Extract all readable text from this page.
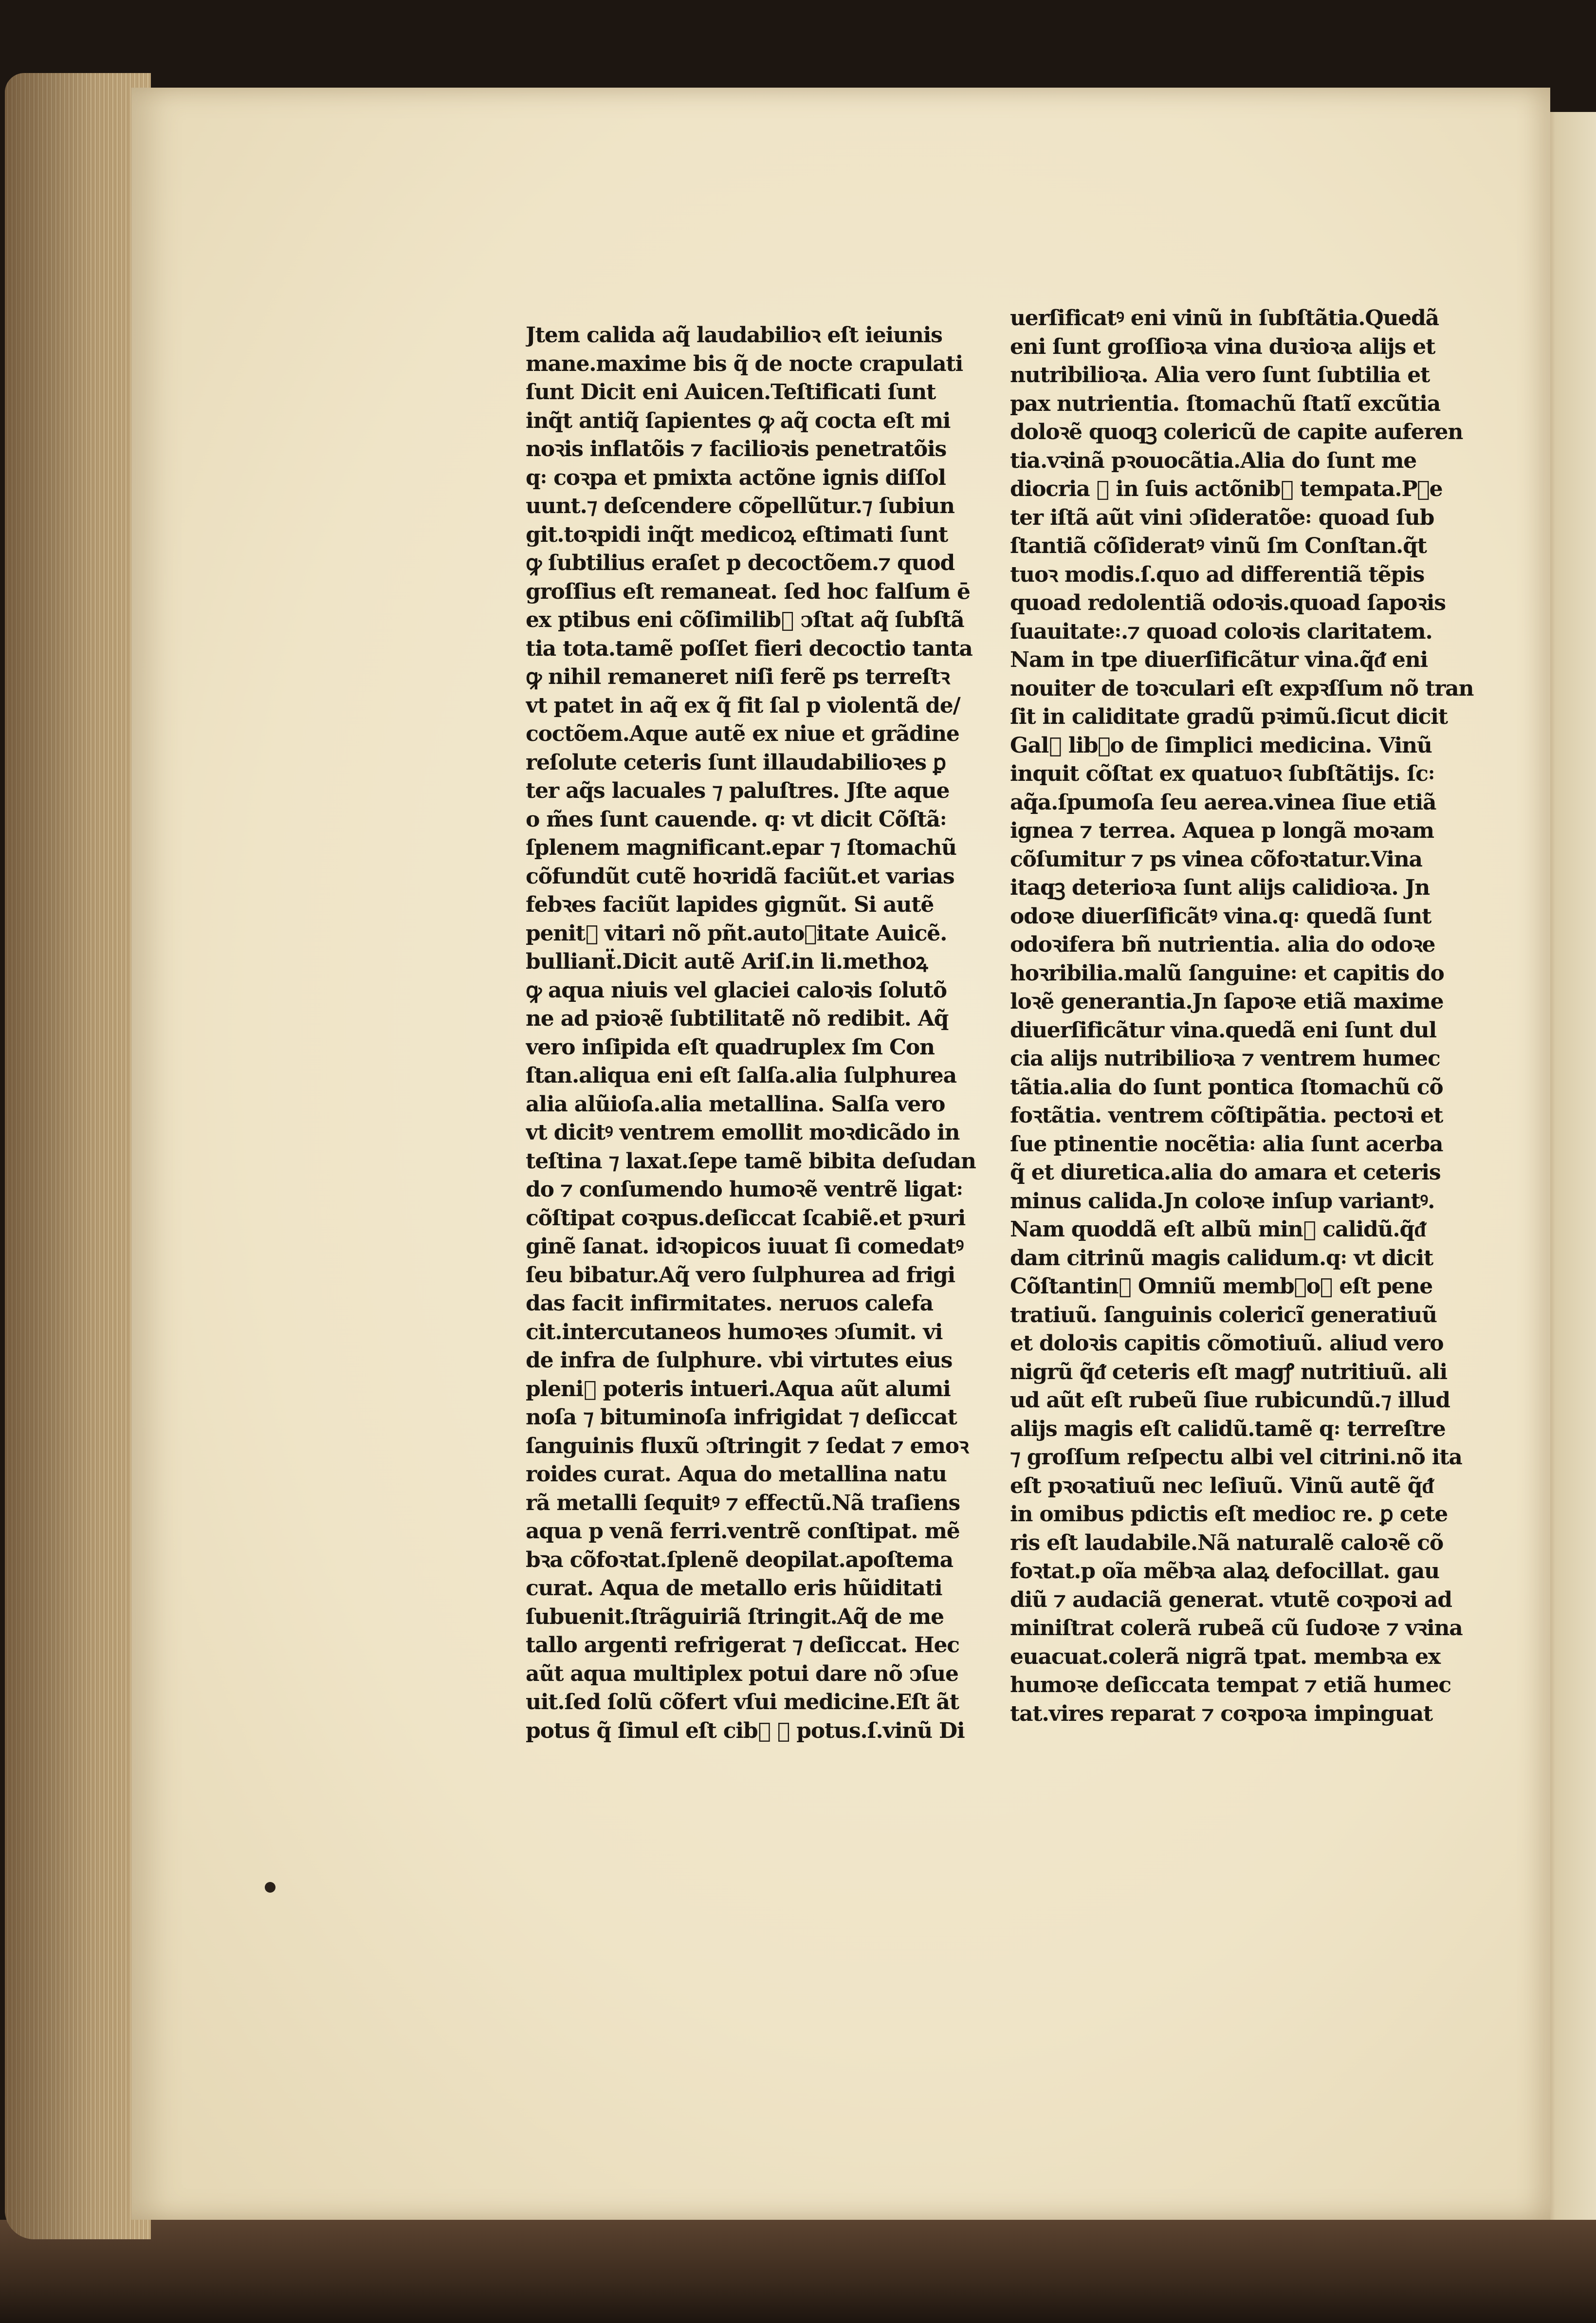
Jtem calida aq̃ laudabilioꝛ eſt ieiunis
mane.maxime bis q̃ de nocte crapulati
ſunt Dicit eni Auicen.Teſtificati ſunt
inq̃t antiq̃ ſapientes ꝙ aq̃ cocta eſt mi
noꝛis inflatõis ⁊ facilioꝛis penetratõis
q꞉ coꝛpa et pmixta actõne ignis diſſol
uunt.⁊ deſcendere cõpellũtur.⁊ ſubiun
git.toꝛpidi inq̃t medicoꝝ eſtimati ſunt
ꝙ ſubtilius eraſet p decoctõem.⁊ quod
groſſius eſt remaneat. ſed hoc falſum ē
ex ptibus eni cõſimilib᷒ ↄſtat aq̃ ſubſtã
tia tota.tamẽ poſſet fieri decoctio tanta
ꝙ nihil remaneret niſi ferẽ ps terreſtꝛ
vt patet in aq̃ ex q̃ fit ſal p violentã de/
coctõem.Aque autẽ ex niue et grãdine
reſolute ceteris ſunt illaudabilioꝛes ꝑ
ter aq̃s lacuales ⁊ paluſtres. Jſte aque
o m̃es ſunt cauende. q꞉ vt dicit Cõſtã꞉
ſplenem magnificant.epar ⁊ ſtomachũ
cõfundũt cutẽ hoꝛridã faciũt.et varias
febꝛes faciũt lapides gignũt. Si autẽ
penit᷒ vitari nõ pñt.autoꝛitate Auicẽ.
bullianẗ.Dicit autẽ Ariſ.in li.methoꝝ
ꝙ aqua niuis vel glaciei caloꝛis ſolutõ
ne ad pꝛioꝛẽ ſubtilitatẽ nõ redibit. Aq̃
vero inſipida eſt quadruplex ſm Con
ſtan.aliqua eni eſt ſalſa.alia ſulphurea
alia alũioſa.alia metallina. Salſa vero
vt dicitꝰ ventrem emollit moꝛdicãdo in
teſtina ⁊ laxat.ſepe tamẽ bibita deſudan
do ⁊ conſumendo humoꝛẽ ventrẽ ligat꞉
cõſtipat coꝛpus.deſiccat ſcabiẽ.et pꝛuri
ginẽ ſanat. idꝛopicos iuuat ſi comedatꝰ
ſeu bibatur.Aq̃ vero ſulphurea ad frigi
das facit infirmitates. neruos calefa
cit.intercutaneos humoꝛes ↄſumit. vi
de infra de ſulphure. vbi virtutes eius
pleni᷒ poteris intueri.Aqua aũt alumi
noſa ⁊ bituminoſa infrigidat ⁊ deſiccat
ſanguinis fluxũ ↄſtringit ⁊ ſedat ⁊ emoꝛ
roides curat. Aqua do metallina natu
rã metalli ſequitꝰ ⁊ effectũ.Nã traſiens
aqua p venã ferri.ventrẽ conſtipat. mẽ
bꝛa cõfoꝛtat.ſplenẽ deopilat.apoſtema
curat. Aqua de metallo eris hũiditati
ſubuenit.ſtrãguiriã ſtringit.Aq̃ de me
tallo argenti refrigerat ⁊ deſiccat. Hec
aũt aqua multiplex potui dare nõ ↄſue
uit.ſed ſolũ cõfert vſui medicine.Eſt ãt
potus q̃ ſimul eſt cib᷒ ⁊ potus.ſ.vinũ Di
uerſificatꝰ eni vinũ in ſubſtãtia.Quedã
eni ſunt groſſioꝛa vina duꝛioꝛa alijs et
nutribilioꝛa. Alia vero ſunt ſubtilia et
pax nutrientia. ſtomachũ ſtatĩ excũtia
doloꝛẽ quoqꝫ colericũ de capite auferen
tia.vꝛinã pꝛouocãtia.Alia do ſunt me
diocria ⁊ in ſuis actõnib᷒ tempata.Pꝛe
ter iſtã aũt vini ↄſideratõe꞉ quoad ſub
ſtantiã cõſideratꝰ vinũ ſm Conſtan.q̃t
tuoꝛ modis.ſ.quo ad differentiã tẽpis
quoad redolentiã odoꝛis.quoad ſapoꝛis
ſuauitate꞉.⁊ quoad coloꝛis claritatem.
Nam in tpe diuerſificãtur vina.q̃ᵭ eni
nouiter de toꝛculari eſt expꝛſſum nõ tran
ſit in caliditate gradũ pꝛimũ.ſicut dicit
Gal᷒ libꝛo de ſimplici medicina. Vinũ
inquit cõſtat ex quatuoꝛ ſubſtãtijs. ſc꞉
aq̃a.ſpumoſa ſeu aerea.vinea ſiue etiã
ignea ⁊ terrea. Aquea p longã moꝛam
cõſumitur ⁊ ps vinea cõfoꝛtatur.Vina
itaqꝫ deterioꝛa ſunt alijs calidioꝛa. Jn
odoꝛe diuerſificãtꝰ vina.q꞉ quedã ſunt
odoꝛifera bñ nutrientia. alia do odoꝛe
hoꝛribilia.malũ ſanguine꞉ et capitis do
loꝛẽ generantia.Jn ſapoꝛe etiã maxime
diuerſificãtur vina.quedã eni ſunt dul
cia alijs nutribilioꝛa ⁊ ventrem humec
tãtia.alia do ſunt pontica ſtomachũ cõ
foꝛtãtia. ventrem cõſtipãtia. pectoꝛi et
ſue ptinentie nocẽtia꞉ alia ſunt acerba
q̃ et diuretica.alia do amara et ceteris
minus calida.Jn coloꝛe inſup variantꝰ.
Nam quoddã eſt albũ min᷒ calidũ.q̃ᵭ
dam citrinũ magis calidum.q꞉ vt dicit
Cõſtantin᷒ Omniũ membꝛoꝝ eſt pene
tratiuũ. ſanguinis colericĩ generatiuũ
et doloꝛis capitis cõmotiuũ. aliud vero
nigrũ q̃ᵭ ceteris eſt magꝭ nutritiuũ. ali
ud aũt eſt rubeũ ſiue rubicundũ.⁊ illud
alijs magis eſt calidũ.tamẽ q꞉ terreſtre
⁊ groſſum reſpectu albi vel citrini.nõ ita
eſt pꝛoꝛatiuũ nec leſiuũ. Vinũ autẽ q̃ᵭ
in omibus pdictis eſt medioc re. ꝑ cete
ris eſt laudabile.Nã naturalẽ caloꝛẽ cõ
foꝛtat.p oĩa mẽbꝛa alaꝝ defocillat. gau
diũ ⁊ audaciã generat. vtutẽ coꝛpoꝛi ad
miniſtrat colerã rubeã cũ ſudoꝛe ⁊ vꝛina
euacuat.colerã nigrã tpat. membꝛa ex
humoꝛe deſiccata tempat ⁊ etiã humec
tat.vires reparat ⁊ coꝛpoꝛa impinguat
